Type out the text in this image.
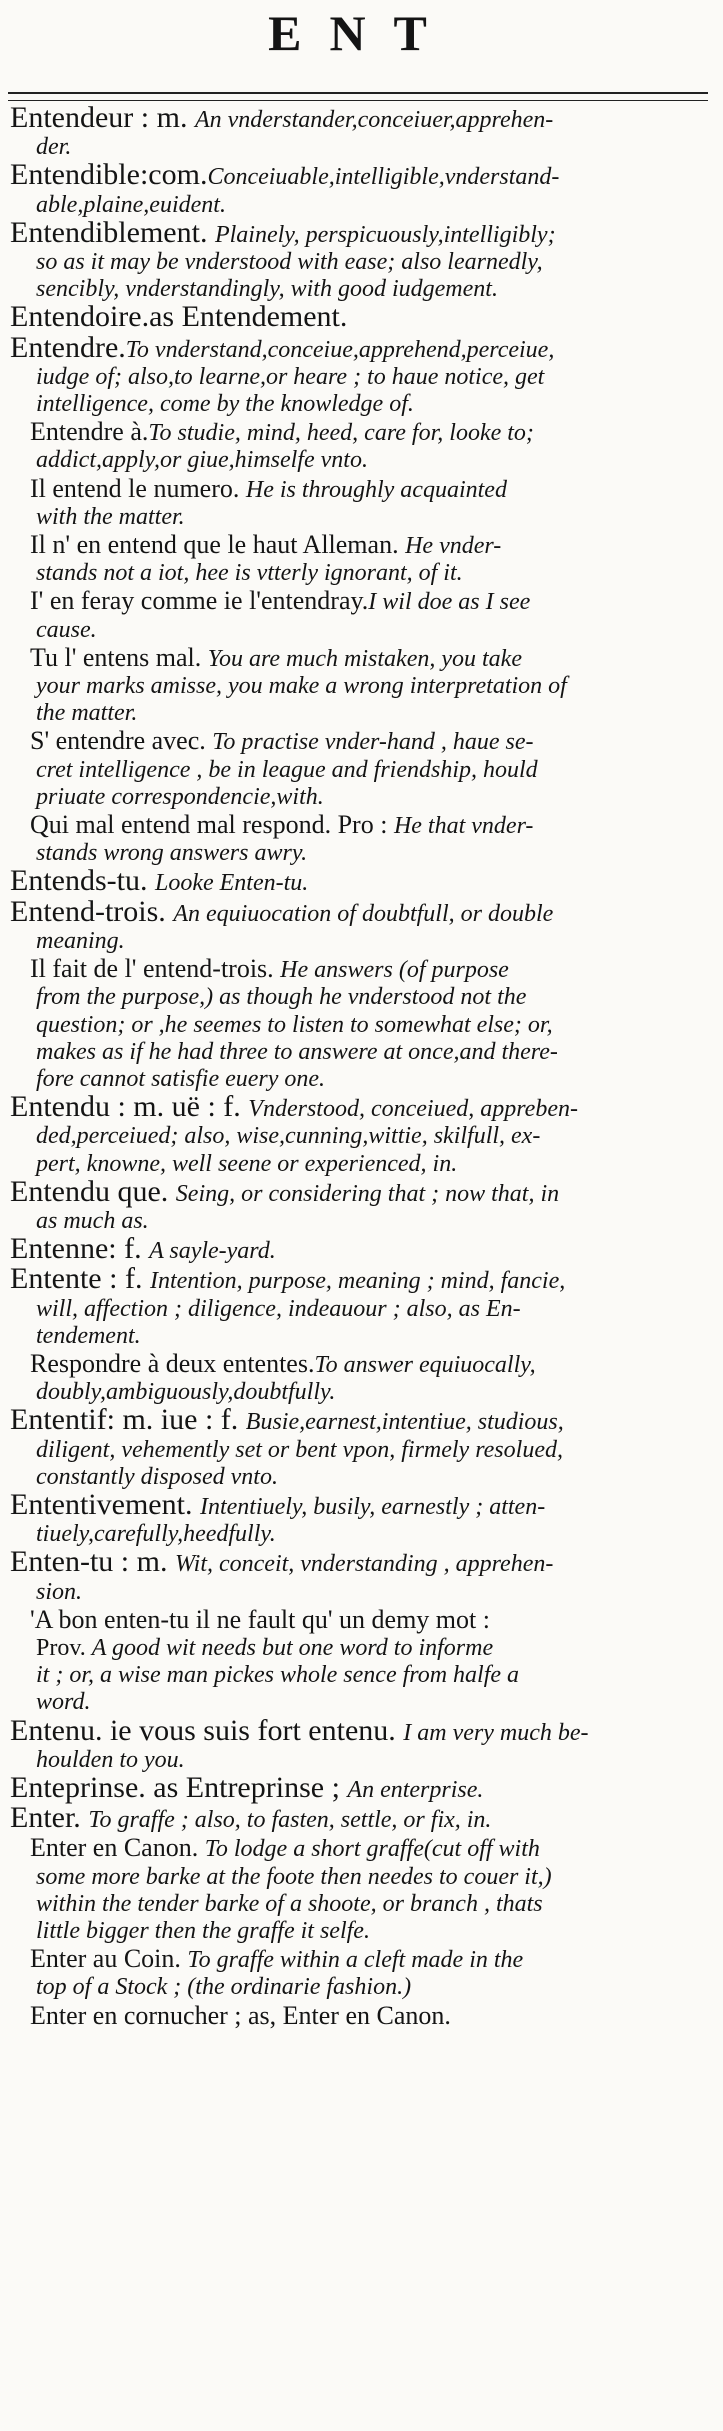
ENT
Entendeur : m. An vnderstander,conceiuer,apprehen-
der.
Entendible:com.Conceiuable,intelligible,vnderstand-
able,plaine,euident.
Entendiblement. Plainely, perspicuously,intelligibly;
so as it may be vnderstood with ease; also learnedly,
sencibly, vnderstandingly, with good iudgement.
Entendoire.as Entendement.
Entendre.To vnderstand,conceiue,apprehend,perceiue,
iudge of; also,to learne,or heare ; to haue notice, get
intelligence, come by the knowledge of.
Entendre à.To studie, mind, heed, care for, looke to;
addict,apply,or giue,himselfe vnto.
Il entend le numero. He is throughly acquainted
with the matter.
Il n' en entend que le haut Alleman. He vnder-
stands not a iot, hee is vtterly ignorant, of it.
I' en feray comme ie l'entendray.I wil doe as I see
cause.
Tu l' entens mal. You are much mistaken, you take
your marks amisse, you make a wrong interpretation of
the matter.
S' entendre avec. To practise vnder-hand , haue se-
cret intelligence , be in league and friendship, hould
priuate correspondencie,with.
Qui mal entend mal respond. Pro : He that vnder-
stands wrong answers awry.
Entends-tu. Looke Enten-tu.
Entend-trois. An equiuocation of doubtfull, or double
meaning.
Il fait de l' entend-trois. He answers (of purpose
from the purpose,) as though he vnderstood not the
question; or ,he seemes to listen to somewhat else; or,
makes as if he had three to answere at once,and there-
fore cannot satisfie euery one.
Entendu : m. uë : f. Vnderstood, conceiued, appreben-
ded,perceiued; also, wise,cunning,wittie, skilfull, ex-
pert, knowne, well seene or experienced, in.
Entendu que. Seing, or considering that ; now that, in
as much as.
Entenne: f. A sayle-yard.
Entente : f. Intention, purpose, meaning ; mind, fancie,
will, affection ; diligence, indeauour ; also, as En-
tendement.
Respondre à deux ententes.To answer equiuocally,
doubly,ambiguously,doubtfully.
Ententif: m. iue : f. Busie,earnest,intentiue, studious,
diligent, vehemently set or bent vpon, firmely resolued,
constantly disposed vnto.
Ententivement. Intentiuely, busily, earnestly ; atten-
tiuely,carefully,heedfully.
Enten-tu : m. Wit, conceit, vnderstanding , apprehen-
sion.
'A bon enten-tu il ne fault qu' un demy mot :
Prov. A good wit needs but one word to informe
it ; or, a wise man pickes whole sence from halfe a
word.
Entenu. ie vous suis fort entenu. I am very much be-
houlden to you.
Enteprinse. as Entreprinse ; An enterprise.
Enter. To graffe ; also, to fasten, settle, or fix, in.
Enter en Canon. To lodge a short graffe(cut off with
some more barke at the foote then needes to couer it,)
within the tender barke of a shoote, or branch , thats
little bigger then the graffe it selfe.
Enter au Coin. To graffe within a cleft made in the
top of a Stock ; (the ordinarie fashion.)
Enter en cornucher ; as, Enter en Canon.
